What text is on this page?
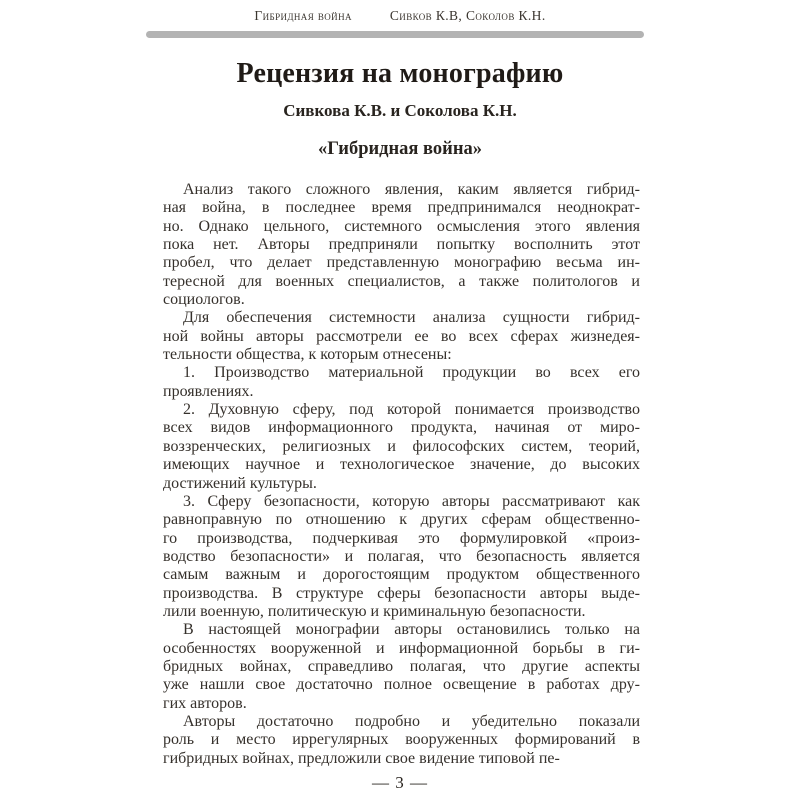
Гибридная война	Сивков К.В, Соколов К.Н.
Рецензия на монографию
Сивкова К.В. и Соколова К.Н.
«Гибридная война»
Анализ такого сложного явления, каким является гибрид-
ная война, в последнее время предпринимался неоднократ-
но. Однако цельного, системного осмысления этого явления
пока нет. Авторы предприняли попытку восполнить этот
пробел, что делает представленную монографию весьма ин-
тересной для военных специалистов, а также политологов и
социологов.
Для обеспечения системности анализа сущности гибрид-
ной войны авторы рассмотрели ее во всех сферах жизнедея-
тельности общества, к которым отнесены:
1. Производство материальной продукции во всех его
проявлениях.
2. Духовную сферу, под которой понимается производство
всех видов информационного продукта, начиная от миро-
воззренческих, религиозных и философских систем, теорий,
имеющих научное и технологическое значение, до высоких
достижений культуры.
3. Сферу безопасности, которую авторы рассматривают как
равноправную по отношению к других сферам общественно-
го производства, подчеркивая это формулировкой «произ-
водство безопасности» и полагая, что безопасность является
самым важным и дорогостоящим продуктом общественного
производства. В структуре сферы безопасности авторы выде-
лили военную, политическую и криминальную безопасности.
В настоящей монографии авторы остановились только на
особенностях вооруженной и информационной борьбы в ги-
бридных войнах, справедливо полагая, что другие аспекты
уже нашли свое достаточно полное освещение в работах дру-
гих авторов.
Авторы достаточно подробно и убедительно показали
роль и место иррегулярных вооруженных формирований в
гибридных войнах, предложили свое видение типовой пе-
— 3 —
